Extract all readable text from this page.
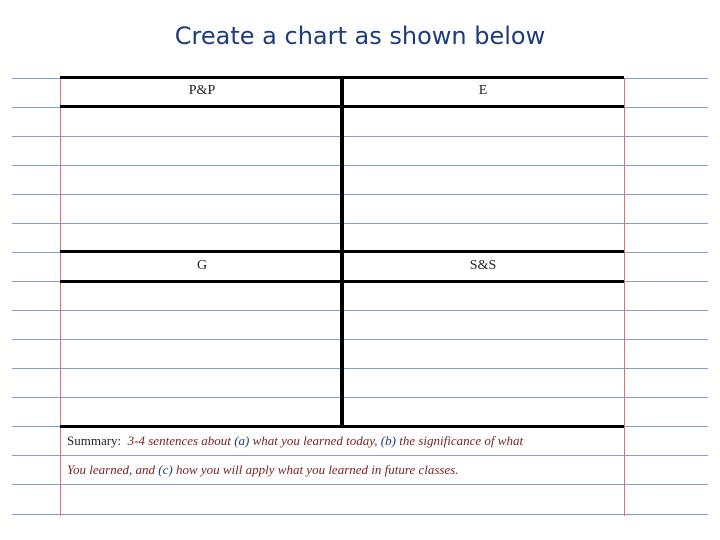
Create a chart as shown below
P&P	E
G	S&S
Summary: 3-4 sentences about (a) what you learned today, (b) the significance of what
You learned, and (c) how you will apply what you learned in future classes.
